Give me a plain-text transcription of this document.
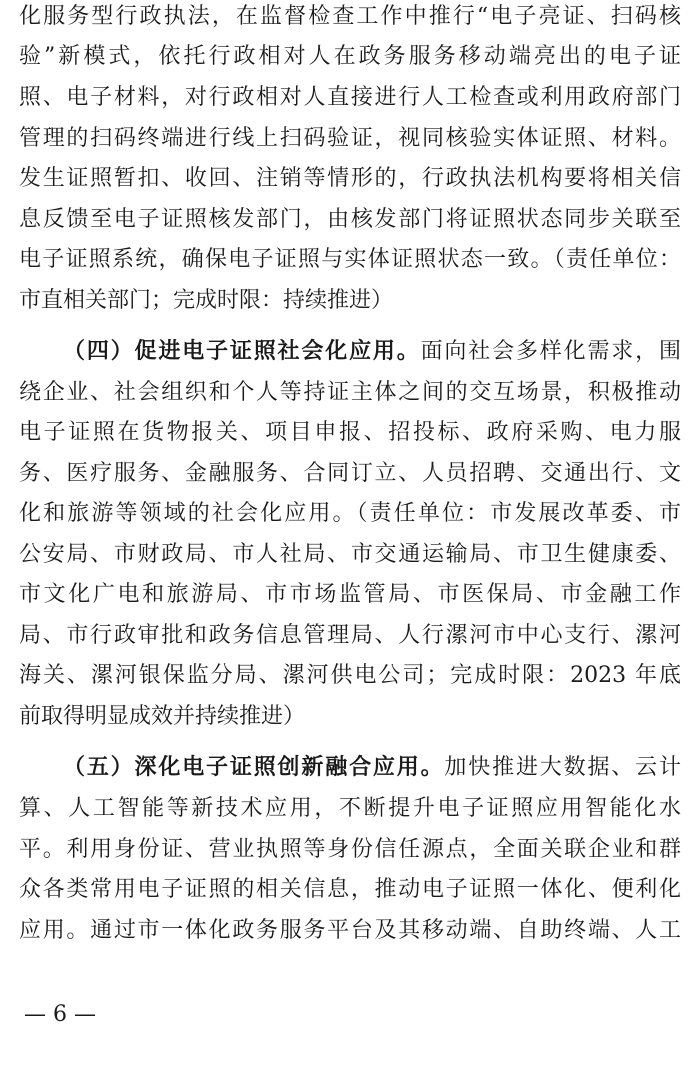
化服务型行政执法，在监督检查工作中推行“电子亮证、扫码核
验”新模式，依托行政相对人在政务服务移动端亮出的电子证
照、电子材料，对行政相对人直接进行人工检查或利用政府部门
管理的扫码终端进行线上扫码验证，视同核验实体证照、材料。
发生证照暂扣、收回、注销等情形的，行政执法机构要将相关信
息反馈至电子证照核发部门，由核发部门将证照状态同步关联至
电子证照系统，确保电子证照与实体证照状态一致。（责任单位：
市直相关部门；完成时限：持续推进）
（四）促进电子证照社会化应用。面向社会多样化需求，围
绕企业、社会组织和个人等持证主体之间的交互场景，积极推动
电子证照在货物报关、项目申报、招投标、政府采购、电力服
务、医疗服务、金融服务、合同订立、人员招聘、交通出行、文
化和旅游等领域的社会化应用。（责任单位：市发展改革委、市
公安局、市财政局、市人社局、市交通运输局、市卫生健康委、
市文化广电和旅游局、市市场监管局、市医保局、市金融工作
局、市行政审批和政务信息管理局、人行漯河市中心支行、漯河
海关、漯河银保监分局、漯河供电公司；完成时限：2023 年底
前取得明显成效并持续推进）
（五）深化电子证照创新融合应用。加快推进大数据、云计
算、人工智能等新技术应用，不断提升电子证照应用智能化水
平。利用身份证、营业执照等身份信任源点，全面关联企业和群
众各类常用电子证照的相关信息，推动电子证照一体化、便利化
应用。通过市一体化政务服务平台及其移动端、自助终端、人工
— 6 —
